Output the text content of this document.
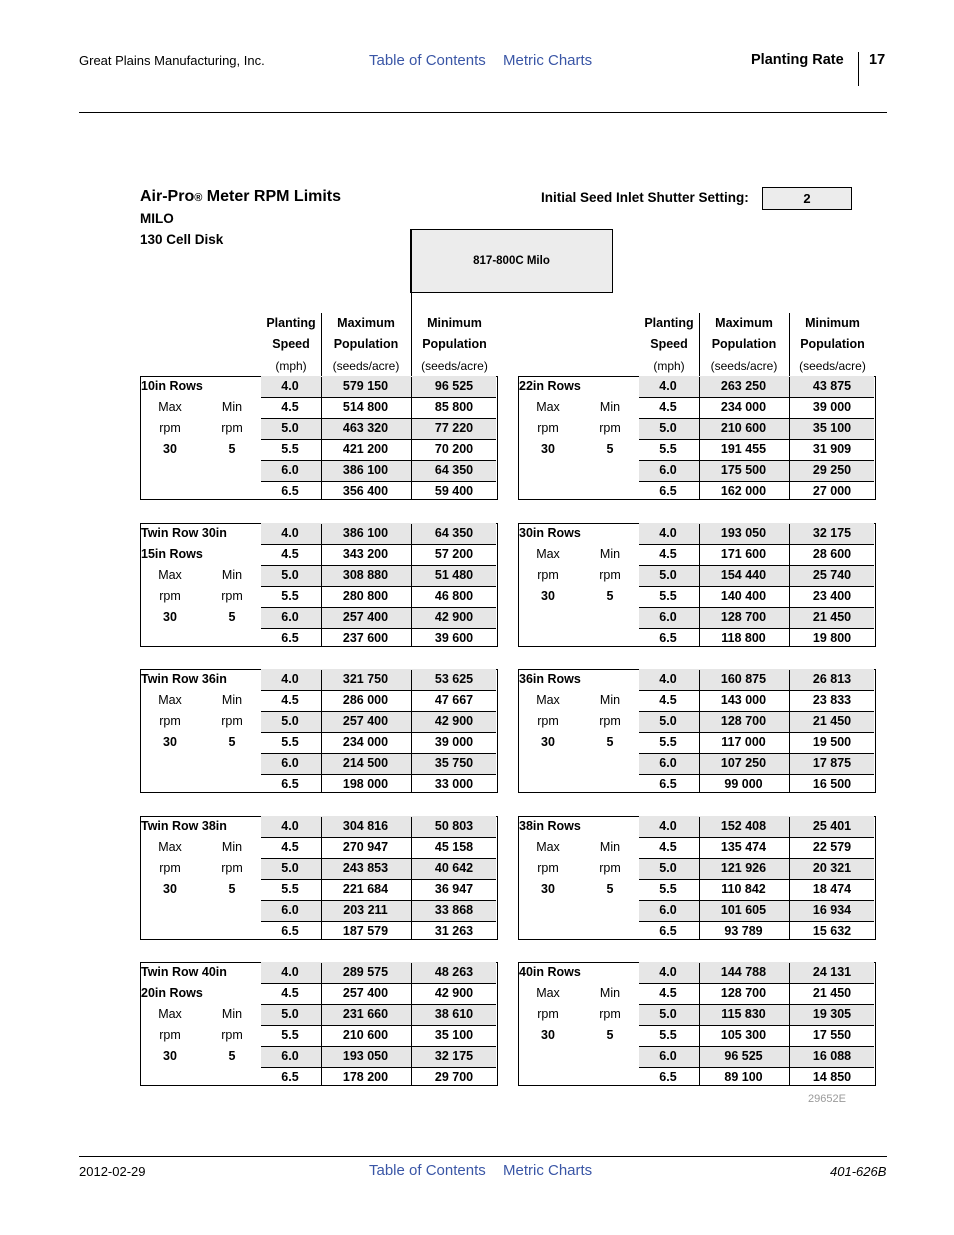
Great Plains Manufacturing, Inc.	Table of Contents Metric Charts	Planting Rate 17
Air-Pro® Meter RPM Limits
MILO
130 Cell Disk
Initial Seed Inlet Shutter Setting:	2
817-800C Milo
Planting
Speed
(mph)
Maximum
Population
(seeds/acre)
Minimum
Population
(seeds/acre)
Planting
Speed
(mph)
Maximum
Population
(seeds/acre)
Minimum
Population
(seeds/acre)
4.0	579 150	96 525
4.5	514 800	85 800
5.0	463 320	77 220
5.5	421 200	70 200
6.0	386 100	64 350
6.5	356 400	59 400
10in Rows
Max	Min
rpm	rpm
30	5
4.0	263 250	43 875
4.5	234 000	39 000
5.0	210 600	35 100
5.5	191 455	31 909
6.0	175 500	29 250
6.5	162 000	27 000
22in Rows
Max	Min
rpm	rpm
30	5
4.0	386 100	64 350
4.5	343 200	57 200
5.0	308 880	51 480
5.5	280 800	46 800
6.0	257 400	42 900
6.5	237 600	39 600
Twin Row 30in
15in Rows
Max	Min
rpm	rpm
30	5
4.0	193 050	32 175
4.5	171 600	28 600
5.0	154 440	25 740
5.5	140 400	23 400
6.0	128 700	21 450
6.5	118 800	19 800
30in Rows
Max	Min
rpm	rpm
30	5
4.0	321 750	53 625
4.5	286 000	47 667
5.0	257 400	42 900
5.5	234 000	39 000
6.0	214 500	35 750
6.5	198 000	33 000
Twin Row 36in
Max	Min
rpm	rpm
30	5
4.0	160 875	26 813
4.5	143 000	23 833
5.0	128 700	21 450
5.5	117 000	19 500
6.0	107 250	17 875
6.5	99 000	16 500
36in Rows
Max	Min
rpm	rpm
30	5
4.0	304 816	50 803
4.5	270 947	45 158
5.0	243 853	40 642
5.5	221 684	36 947
6.0	203 211	33 868
6.5	187 579	31 263
Twin Row 38in
Max	Min
rpm	rpm
30	5
4.0	152 408	25 401
4.5	135 474	22 579
5.0	121 926	20 321
5.5	110 842	18 474
6.0	101 605	16 934
6.5	93 789	15 632
38in Rows
Max	Min
rpm	rpm
30	5
4.0	289 575	48 263
4.5	257 400	42 900
5.0	231 660	38 610
5.5	210 600	35 100
6.0	193 050	32 175
6.5	178 200	29 700
Twin Row 40in
20in Rows
Max	Min
rpm	rpm
30	5
4.0	144 788	24 131
4.5	128 700	21 450
5.0	115 830	19 305
5.5	105 300	17 550
6.0	96 525	16 088
6.5	89 100	14 850
40in Rows
Max	Min
rpm	rpm
30	5
29652E
2012-02-29	Table of Contents Metric Charts	401-626B
